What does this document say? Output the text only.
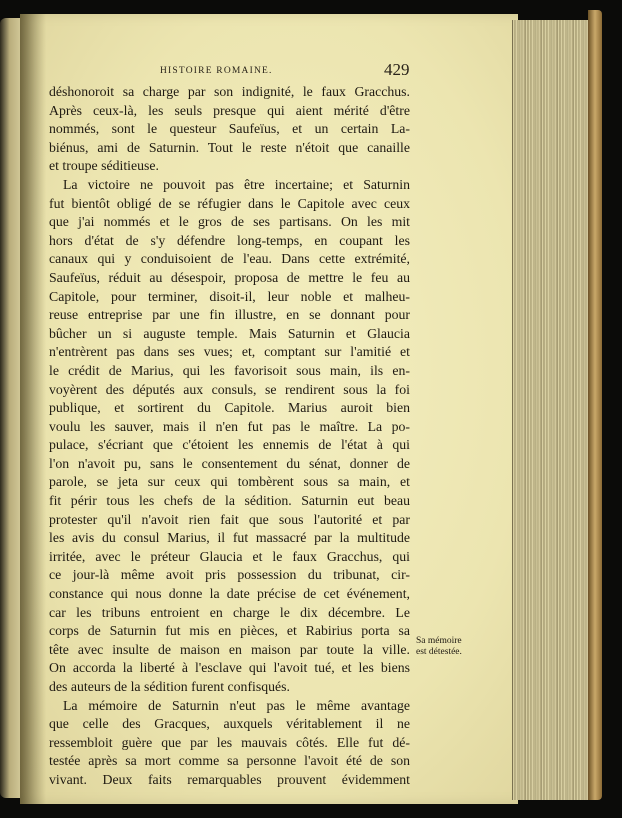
HISTOIRE ROMAINE.	429
déshonoroit sa charge par son indignité, le faux Gracchus.
Après ceux-là, les seuls presque qui aient mérité d'être
nommés, sont le questeur Saufeïus, et un certain La-
biénus, ami de Saturnin. Tout le reste n'étoit que canaille
et troupe séditieuse.
La victoire ne pouvoit pas être incertaine; et Saturnin
fut bientôt obligé de se réfugier dans le Capitole avec ceux
que j'ai nommés et le gros de ses partisans. On les mit
hors d'état de s'y défendre long-temps, en coupant les
canaux qui y conduisoient de l'eau. Dans cette extrémité,
Saufeïus, réduit au désespoir, proposa de mettre le feu au
Capitole, pour terminer, disoit-il, leur noble et malheu-
reuse entreprise par une fin illustre, en se donnant pour
bûcher un si auguste temple. Mais Saturnin et Glaucia
n'entrèrent pas dans ses vues; et, comptant sur l'amitié et
le crédit de Marius, qui les favorisoit sous main, ils en-
voyèrent des députés aux consuls, se rendirent sous la foi
publique, et sortirent du Capitole. Marius auroit bien
voulu les sauver, mais il n'en fut pas le maître. La po-
pulace, s'écriant que c'étoient les ennemis de l'état à qui
l'on n'avoit pu, sans le consentement du sénat, donner de
parole, se jeta sur ceux qui tombèrent sous sa main, et
fit périr tous les chefs de la sédition. Saturnin eut beau
protester qu'il n'avoit rien fait que sous l'autorité et par
les avis du consul Marius, il fut massacré par la multitude
irritée, avec le préteur Glaucia et le faux Gracchus, qui
ce jour-là même avoit pris possession du tribunat, cir-
constance qui nous donne la date précise de cet événement,
car les tribuns entroient en charge le dix décembre. Le
corps de Saturnin fut mis en pièces, et Rabirius porta sa
tête avec insulte de maison en maison par toute la ville.
On accorda la liberté à l'esclave qui l'avoit tué, et les biens
des auteurs de la sédition furent confisqués.
La mémoire de Saturnin n'eut pas le même avantage
que celle des Gracques, auxquels véritablement il ne
ressembloit guère que par les mauvais côtés. Elle fut dé-
testée après sa mort comme sa personne l'avoit été de son
vivant. Deux faits remarquables prouvent évidemment
Sa mémoire
est détestée.
